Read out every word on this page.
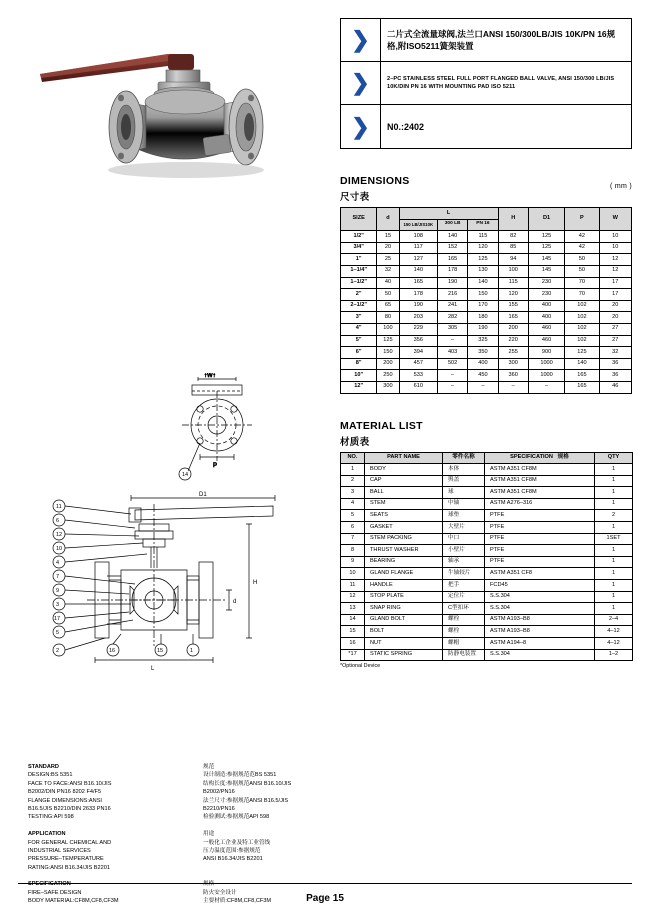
↑W↑
P
14
11
6
12
10
4
7
9
3
17
5
2	16	15	1
D1
H
d
L
STANDARD
DESIGN:BS 5351
FACE TO FACE:ANSI B16.10/JIS
B2002/DIN PN16 8202 F4/F5
FLANGE DIMENSIONS:ANSI
B16.5/JIS B2210/DIN 2633 PN16
TESTING:API 598

APPLICATION
FOR GENERAL CHEMICAL AND
INDUSTRIAL SERVICES
PRESSURE–TEMPERATURE
RATING:ANSI B16.34/JIS B2201

SPECIFICATION
FIRE–SAFE DESIGN
BODY MATERIAL:CF8M,CF8,CF3M
规范
设计制造:参据规范范BS 5351
结构长度:参据规范ANSI B16.10/JIS
B2002/PN16
法兰尺寸:参据规范ANSI B16.5/JIS
B2210/PN16
检验测试:参据规范API 598

用途
一般化工企业及特工业管线
压力温度范围:参据规范
ANSI B16.34/JIS B2201

规格
防火安全设计
主要材质:CF8M,CF8,CF3M
❯	二片式全流量球阀,法兰口ANSI 150/300LB/JIS 10K/PN 16规格,附ISO5211簧架装置
❯	2–PC STAINLESS STEEL FULL PORT FLANGED BALL VALVE, ANSI 150/300 LB/JIS 10K/DIN PN 16 WITH MOUNTING PAD ISO 5211
❯	N0.:2402
( mm )
DIMENSIONS
尺寸表
SIZE	d	L			H	D1	P	W
		150 LB/JIS10K	300 LB	PN 16				
1/2"	15	108	140	115	82	125	42	10
3/4"	20	117	152	120	85	125	42	10
1"	25	127	165	125	94	145	50	12
1–1/4"	32	140	178	130	100	145	50	12
1–1/2"	40	165	190	140	115	230	70	17
2"	50	178	216	150	120	230	70	17
2–1/2"	65	190	241	170	155	400	102	20
3"	80	203	282	180	165	400	102	20
4"	100	229	305	190	200	460	102	27
5"	125	356	–	325	220	460	102	27
6"	150	394	403	350	255	900	125	32
8"	200	457	502	400	300	1000	140	36
10"	250	533	–	450	360	1000	165	36
12"	300	610	–	–	–	–	165	46
MATERIAL LIST
材质表
NO.	PART NAME	零件名称	SPECIFICATION 规格	QTY
1	BODY	本体	ASTM A351 CF8M	1
2	CAP	舆盖	ASTM A351 CF8M	1
3	BALL	球	ASTM A351 CF8M	1
4	STEM	中轴	ASTM A276–316	1
5	SEATS	球垫	PTFE	2
6	GASKET	大壁片	PTFE	1
7	STEM PACKING	中口	PTFE	1SET
8	THRUST WASHER	小壁片	PTFE	1
9	BEARING	轴承	PTFE	1
10	GLAND FLANGE	牛轴较片	ASTM A351 CF8	1
11	HANDLE	把手	FCD45	1
12	STOP PLATE	定位片	S.S.304	1
13	SNAP RING	C型扣环	S.S.304	1
14	GLAND BOLT	螺栓	ASTM A193–B8	2–4
15	BOLT	螺栓	ASTM A193–B8	4–12
16	NUT	螺帽	ASTM A194–8	4–12
*17	STATIC SPRING	防静电装置	S.S.304	1–2
*Optional Device
Page 15
